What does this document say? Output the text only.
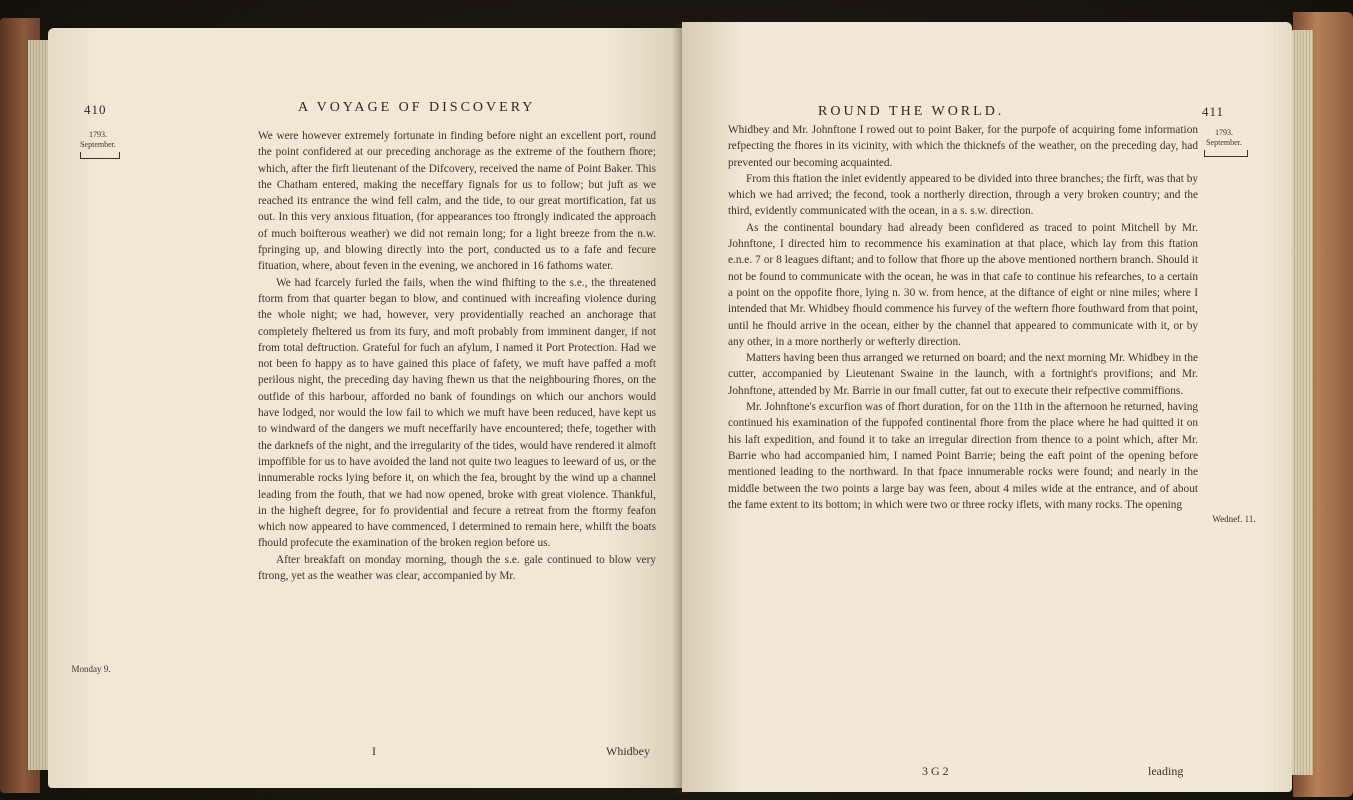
410	A VOYAGE OF DISCOVERY
1793.
September.
Monday 9.

We were however extremely fortunate in finding before night an excellent port, round the point confidered at our preceding anchorage as the extreme of the fouthern fhore; which, after the firft lieutenant of the Difcovery, received the name of Point Baker. This the Chatham entered, making the neceffary fignals for us to follow; but juft as we reached its entrance the wind fell calm, and the tide, to our great mortification, fat us out. In this very anxious fituation, (for appearances too ftrongly indicated the approach of much boifterous weather) we did not remain long; for a light breeze from the n.w. fpringing up, and blowing directly into the port, conducted us to a fafe and fecure fituation, where, about feven in the evening, we anchored in 16 fathoms water.

We had fcarcely furled the fails, when the wind fhifting to the s.e., the threatened ftorm from that quarter began to blow, and continued with increafing violence during the whole night; we had, however, very providentially reached an anchorage that completely fheltered us from its fury, and moft probably from imminent danger, if not from total deftruction. Grateful for fuch an afylum, I named it Port Protection. Had we not been fo happy as to have gained this place of fafety, we muft have paffed a moft perilous night, the preceding day having fhewn us that the neighbouring fhores, on the outfide of this harbour, afforded no bank of foundings on which our anchors would have lodged, nor would the low fail to which we muft have been reduced, have kept us to windward of the dangers we muft neceffarily have encountered; thefe, together with the darknefs of the night, and the irregularity of the tides, would have rendered it almoft impoffible for us to have avoided the land not quite two leagues to leeward of us, or the innumerable rocks lying before it, on which the fea, brought by the wind up a channel leading from the fouth, that we had now opened, broke with great violence. Thankful, in the higheft degree, for fo providential and fecure a retreat from the ftormy feafon which now appeared to have commenced, I determined to remain here, whilft the boats fhould profecute the examination of the broken region before us.

After breakfaft on monday morning, though the s.e. gale continued to blow very ftrong, yet as the weather was clear, accompanied by Mr.

I	Whidbey
ROUND THE WORLD.	411
1793.
September.
Wednef. 11.

Whidbey and Mr. Johnftone I rowed out to point Baker, for the purpofe of acquiring fome information refpecting the fhores in its vicinity, with which the thicknefs of the weather, on the preceding day, had prevented our becoming acquainted.

From this ftation the inlet evidently appeared to be divided into three branches; the firft, was that by which we had arrived; the fecond, took a northerly direction, through a very broken country; and the third, evidently communicated with the ocean, in a s. s.w. direction.

As the continental boundary had already been confidered as traced to point Mitchell by Mr. Johnftone, I directed him to recommence his examination at that place, which lay from this ftation e.n.e. 7 or 8 leagues diftant; and to follow that fhore up the above mentioned northern branch. Should it not be found to communicate with the ocean, he was in that cafe to continue his refearches, to a certain a point on the oppofite fhore, lying n. 30 w. from hence, at the diftance of eight or nine miles; where I intended that Mr. Whidbey fhould commence his furvey of the weftern fhore fouthward from that point, until he fhould arrive in the ocean, either by the channel that appeared to communicate with it, or by any other, in a more northerly or wefterly direction.

Matters having been thus arranged we returned on board; and the next morning Mr. Whidbey in the cutter, accompanied by Lieutenant Swaine in the launch, with a fortnight's provifions; and Mr. Johnftone, attended by Mr. Barrie in our fmall cutter, fat out to execute their refpective commiffions.

Mr. Johnftone's excurfion was of fhort duration, for on the 11th in the afternoon he returned, having continued his examination of the fuppofed continental fhore from the place where he had quitted it on his laft expedition, and found it to take an irregular direction from thence to a point which, after Mr. Barrie who had accompanied him, I named Point Barrie; being the eaft point of the opening before mentioned leading to the northward. In that fpace innumerable rocks were found; and nearly in the middle between the two points a large bay was feen, about 4 miles wide at the entrance, and of about the fame extent to its bottom; in which were two or three rocky iflets, with many rocks. The opening

3 G 2	leading
